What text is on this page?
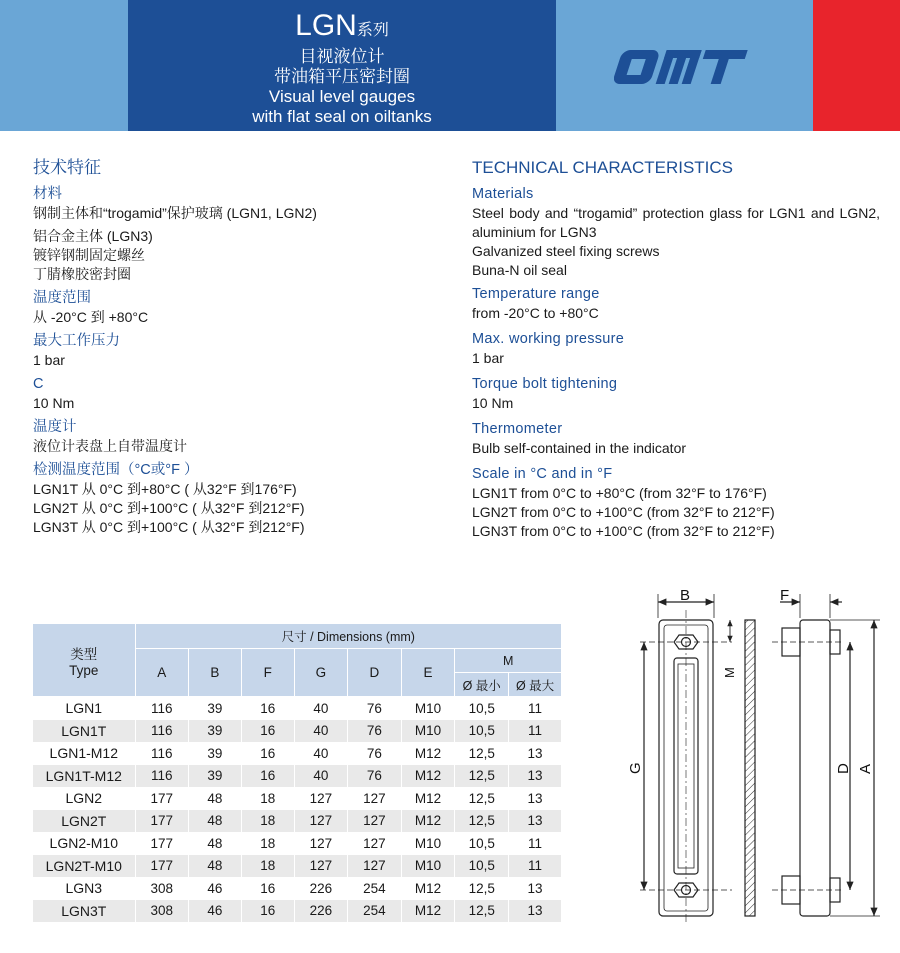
LGN系列
目视液位计
带油箱平压密封圈
Visual level gauges
with flat seal on oiltanks
技术特征
材料
钢制主体和“trogamid”保护玻璃 (LGN1, LGN2)
铝合金主体 (LGN3)
镀锌钢制固定螺丝
丁腈橡胶密封圈
温度范围
从 -20°C 到 +80°C
最大工作压力
1 bar
C
10 Nm
温度计
液位计表盘上自带温度计
检测温度范围（°C或°F ）
LGN1T 从 0°C 到+80°C ( 从32°F 到176°F)
LGN2T 从 0°C 到+100°C ( 从32°F 到212°F)
LGN3T 从 0°C 到+100°C ( 从32°F 到212°F)
TECHNICAL CHARACTERISTICS
Materials
Steel body and “trogamid” protection glass for LGN1 and LGN2, aluminium for LGN3
Galvanized steel fixing screws
Buna-N oil seal
Temperature range
from -20°C to +80°C
Max. working pressure
1 bar
Torque bolt tightening
10 Nm
Thermometer
Bulb self-contained in the indicator
Scale in °C and in °F
LGN1T from 0°C to +80°C (from 32°F to 176°F)
LGN2T from 0°C to +100°C (from 32°F to 212°F)
LGN3T from 0°C to +100°C (from 32°F to 212°F)
类型
Type	尺寸 / Dimensions (mm)							
	A	B	F	G	D	E	M	
							Ø 最小	Ø 最大
LGN1	116	39	16	40	76	M10	10,5	11
LGN1T	116	39	16	40	76	M10	10,5	11
LGN1-M12	116	39	16	40	76	M12	12,5	13
LGN1T-M12	116	39	16	40	76	M12	12,5	13
LGN2	177	48	18	127	127	M12	12,5	13
LGN2T	177	48	18	127	127	M12	12,5	13
LGN2-M10	177	48	18	127	127	M10	10,5	11
LGN2T-M10	177	48	18	127	127	M10	10,5	11
LGN3	308	46	16	226	254	M12	12,5	13
LGN3T	308	46	16	226	254	M12	12,5	13
B	F
M
G	D A
